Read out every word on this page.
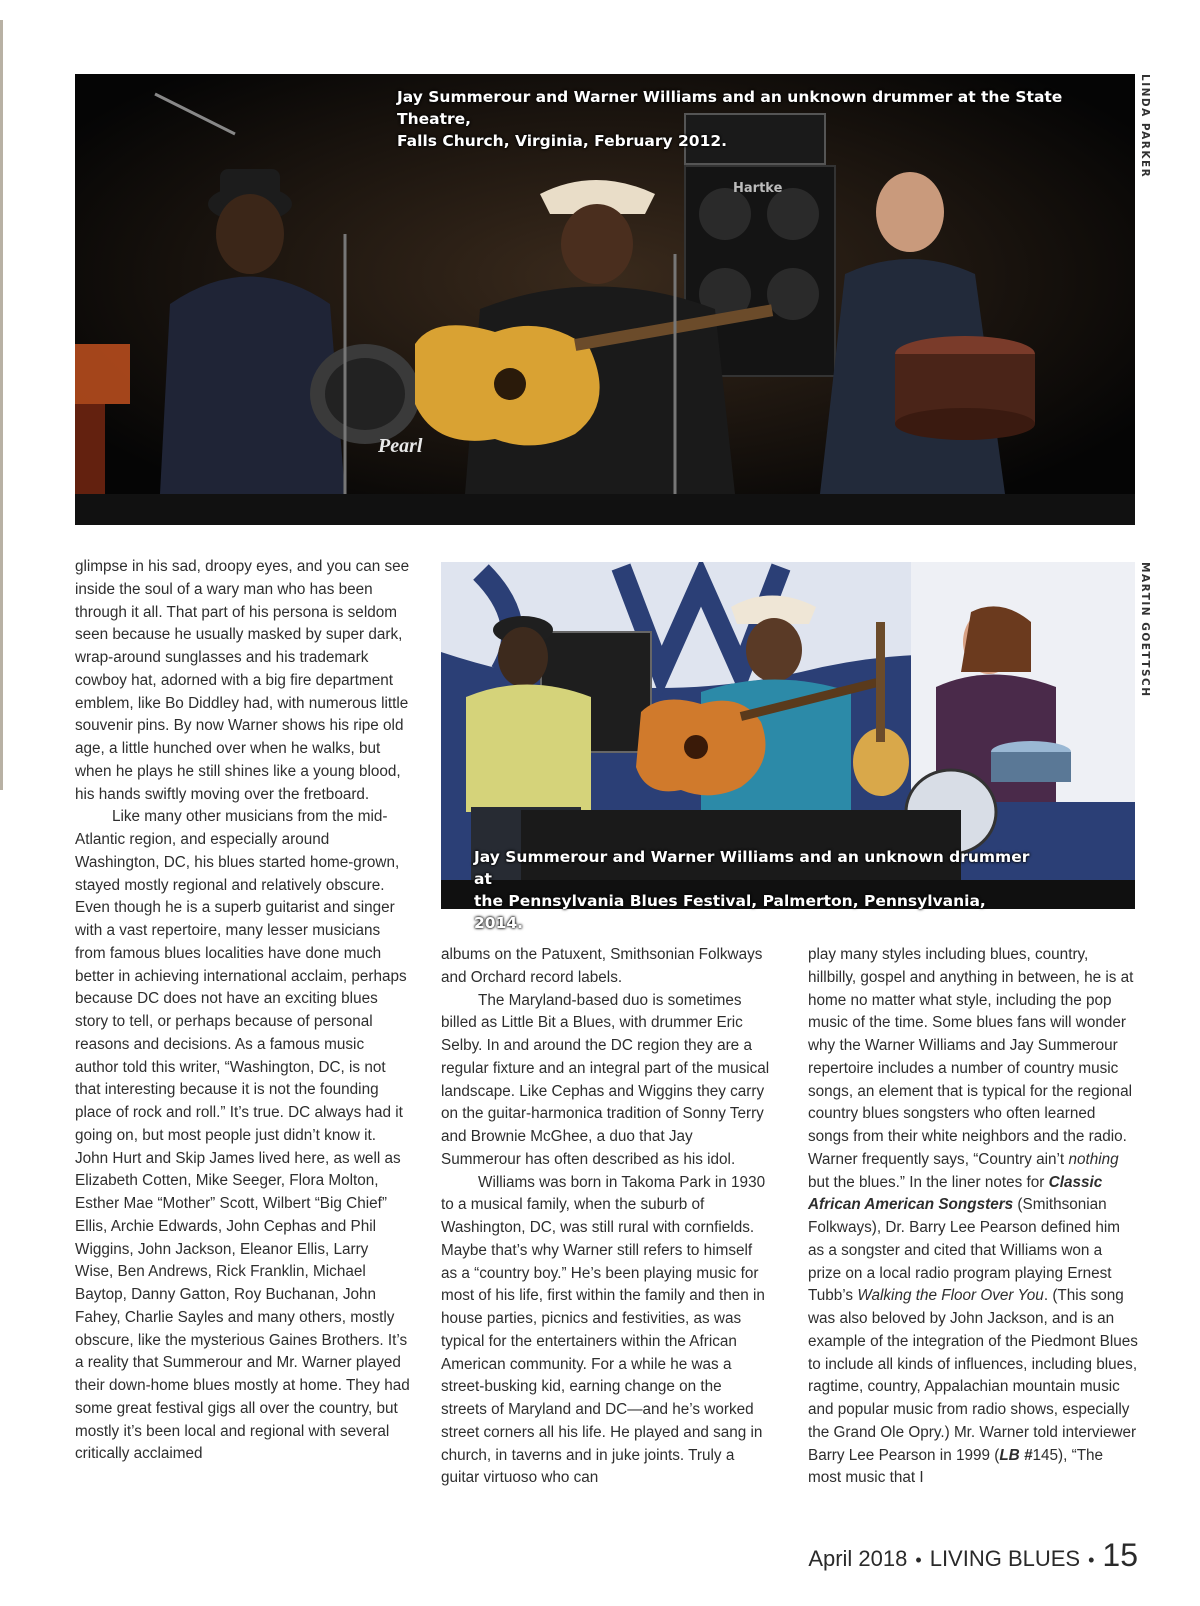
Hartke
Pearl
Jay Summerour and Warner Williams and an unknown drummer at the State Theatre,
Falls Church, Virginia, February 2012.	LINDA PARKER
Jay Summerour and Warner Williams and an unknown drummer at
the Pennsylvania Blues Festival, Palmerton, Pennsylvania, 2014.
MARTIN GOETTSCH

glimpse in his sad, droopy eyes, and you can see inside the soul of a wary man who has been through it all. That part of his persona is seldom seen because he usually masked by super dark, wrap-around sunglasses and his trademark cowboy hat, adorned with a big fire department emblem, like Bo Diddley had, with numerous little souvenir pins. By now Warner shows his ripe old age, a little hunched over when he walks, but when he plays he still shines like a young blood, his hands swiftly moving over the fretboard.

Like many other musicians from the mid-Atlantic region, and especially around Washington, DC, his blues started home-grown, stayed mostly regional and relatively obscure. Even though he is a superb guitarist and singer with a vast repertoire, many lesser musicians from famous blues localities have done much better in achieving international acclaim, perhaps because DC does not have an exciting blues story to tell, or perhaps because of personal reasons and decisions. As a famous music author told this writer, “Washington, DC, is not that interesting because it is not the founding place of rock and roll.” It’s true. DC always had it going on, but most people just didn’t know it. John Hurt and Skip James lived here, as well as Elizabeth Cotten, Mike Seeger, Flora Molton, Esther Mae “Mother” Scott, Wilbert “Big Chief” Ellis, Archie Edwards, John Cephas and Phil Wiggins, John Jackson, Eleanor Ellis, Larry Wise, Ben Andrews, Rick Franklin, Michael Baytop, Danny Gatton, Roy Buchanan, John Fahey, Charlie Sayles and many others, mostly obscure, like the mysterious Gaines Brothers. It’s a reality that Summerour and Mr. Warner played their down-home blues mostly at home. They had some great festival gigs all over the country, but mostly it’s been local and regional with several critically acclaimed

albums on the Patuxent, Smithsonian Folkways and Orchard record labels.

The Maryland-based duo is sometimes billed as Little Bit a Blues, with drummer Eric Selby. In and around the DC region they are a regular fixture and an integral part of the musical landscape. Like Cephas and Wiggins they carry on the guitar-harmonica tradition of Sonny Terry and Brownie McGhee, a duo that Jay Summerour has often described as his idol.

Williams was born in Takoma Park in 1930 to a musical family, when the suburb of Washington, DC, was still rural with cornfields. Maybe that’s why Warner still refers to himself as a “country boy.” He’s been playing music for most of his life, first within the family and then in house parties, picnics and festivities, as was typical for the entertainers within the African American community. For a while he was a street-busking kid, earning change on the streets of Maryland and DC—and he’s worked street corners all his life. He played and sang in church, in taverns and in juke joints. Truly a guitar virtuoso who can

play many styles including blues, country, hillbilly, gospel and anything in between, he is at home no matter what style, including the pop music of the time. Some blues fans will wonder why the Warner Williams and Jay Summerour repertoire includes a number of country music songs, an element that is typical for the regional country blues songsters who often learned songs from their white neighbors and the radio. Warner frequently says, “Country ain’t nothing but the blues.” In the liner notes for Classic African American Songsters (Smithsonian Folkways), Dr. Barry Lee Pearson defined him as a songster and cited that Williams won a prize on a local radio program playing Ernest Tubb’s Walking the Floor Over You. (This song was also beloved by John Jackson, and is an example of the integration of the Piedmont Blues to include all kinds of influences, including blues, ragtime, country, Appalachian mountain music and popular music from radio shows, especially the Grand Ole Opry.) Mr. Warner told interviewer Barry Lee Pearson in 1999 (LB #145), “The most music that I

April 2018 • LIVING BLUES • 15
